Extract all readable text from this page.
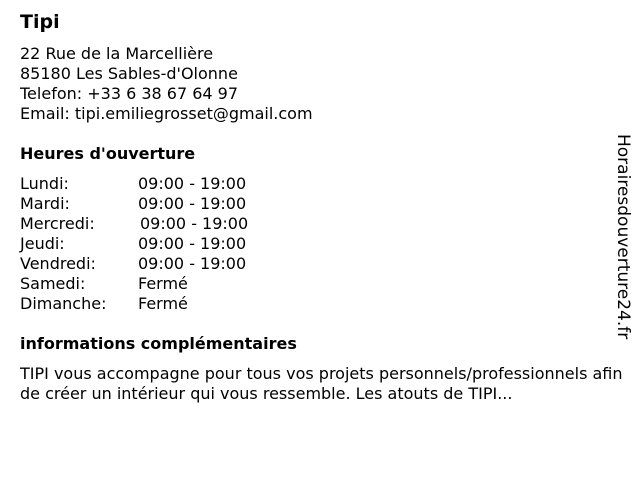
Tipi
22 Rue de la Marcellière
85180 Les Sables-d'Olonne
Telefon: +33 6 38 67 64 97
Email: tipi.emiliegrosset@gmail.com
Heures d'ouverture
Lundi:	09:00 - 19:00
Mardi:	09:00 - 19:00
Mercredi:	09:00 - 19:00
Jeudi:	09:00 - 19:00
Vendredi:	09:00 - 19:00
Samedi:	Fermé
Dimanche: Fermé
informations complémentaires
TIPI vous accompagne pour tous vos projets personnels/professionnels afin de créer un intérieur qui vous ressemble. Les atouts de TIPI...
Horairesdouverture24.fr
